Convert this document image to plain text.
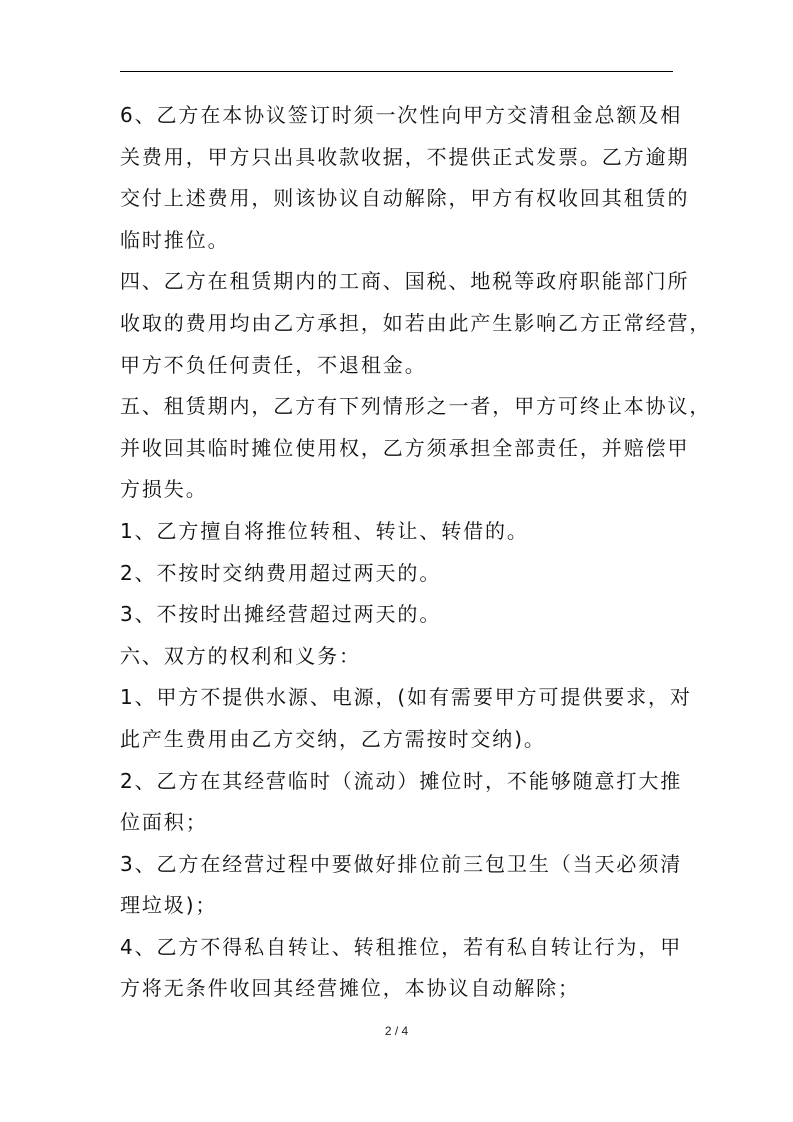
6、乙方在本协议签订时须一次性向甲方交清租金总额及相
关费用，甲方只出具收款收据，不提供正式发票。乙方逾期
交付上述费用，则该协议自动解除，甲方有权收回其租赁的
临时推位。
四、乙方在租赁期内的工商、国税、地税等政府职能部门所
收取的费用均由乙方承担，如若由此产生影响乙方正常经营，
甲方不负任何责任，不退租金。
五、租赁期内，乙方有下列情形之一者，甲方可终止本协议，
并收回其临时摊位使用权，乙方须承担全部责任，并赔偿甲
方损失。
1、乙方擅自将推位转租、转让、转借的。
2、不按时交纳费用超过两天的。
3、不按时出摊经营超过两天的。
六、双方的权利和义务：
1、甲方不提供水源、电源，(如有需要甲方可提供要求，对
此产生费用由乙方交纳，乙方需按时交纳)。
2、乙方在其经营临时（流动）摊位时，不能够随意打大推
位面积；
3、乙方在经营过程中要做好排位前三包卫生（当天必须清
理垃圾)；
4、乙方不得私自转让、转租推位，若有私自转让行为，甲
方将无条件收回其经营摊位，本协议自动解除；
2 / 4
